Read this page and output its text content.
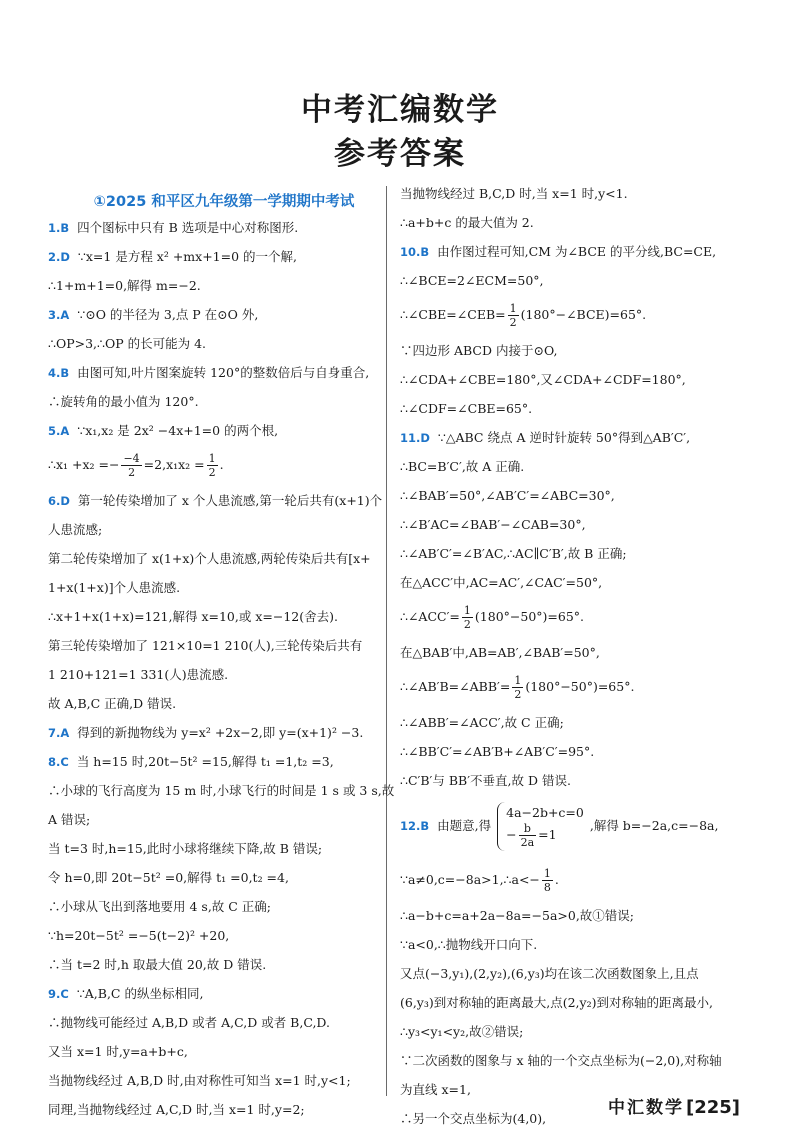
中考汇编数学
参考答案
①2025 和平区九年级第一学期期中考试
1.B 四个图标中只有 B 选项是中心对称图形.
2.D ∵x=1 是方程 x² +mx+1=0 的一个解,
∴1+m+1=0,解得 m=−2.
3.A ∵⊙O 的半径为 3,点 P 在⊙O 外,
∴OP>3,∴OP 的长可能为 4.
4.B 由图可知,叶片图案旋转 120°的整数倍后与自身重合,
∴旋转角的最小值为 120°.
5.A ∵x₁,x₂ 是 2x² −4x+1=0 的两个根,
∴x₁ $+x_2 =- \frac{-4}{2} =2,x_1x_2 = \frac{1}{2}$ .
6.D 第一轮传染增加了 x 个人患流感,第一轮后共有(x+1)个
人患流感;
第二轮传染增加了 x(1+x)个人患流感,两轮传染后共有[x+
1+x(1+x)]个人患流感.
∴x+1+x(1+x)=121,解得 x=10,或 x=−12(舍去).
第三轮传染增加了 121×10=1 210(人),三轮传染后共有
1 210+121=1 331(人)患流感.
故 A,B,C 正确,D 错误.
7.A 得到的新抛物线为 y=x² +2x−2,即 y=(x+1)² −3.
8.C 当 h=15 时,20t−5t² =15,解得 t₁ =1,t₂ =3,
∴小球的飞行高度为 15 m 时,小球飞行的时间是 1 s 或 3 s,故
A 错误;
当 t=3 时,h=15,此时小球将继续下降,故 B 错误;
令 h=0,即 20t−5t² =0,解得 t₁ =0,t₂ =4,
∴小球从飞出到落地要用 4 s,故 C 正确;
∵h=20t−5t² =−5(t−2)² +20,
∴当 t=2 时,h 取最大值 20,故 D 错误.
9.C ∵A,B,C 的纵坐标相同,
∴抛物线可能经过 A,B,D 或者 A,C,D 或者 B,C,D.
又当 x=1 时,y=a+b+c,
当抛物线经过 A,B,D 时,由对称性可知当 x=1 时,y<1;
同理,当抛物线经过 A,C,D 时,当 x=1 时,y=2;
当抛物线经过 B,C,D 时,当 x=1 时,y<1.
∴a+b+c 的最大值为 2.
10.B 由作图过程可知,CM 为∠BCE 的平分线,BC=CE,
∴∠BCE=2∠ECM=50°,
∴∠CBE=∠CEB= $\frac{1}{2}$ (180°−∠BCE)=65°.
∵四边形 ABCD 内接于⊙O,
∴∠CDA+∠CBE=180°,又∠CDA+∠CDF=180°,
∴∠CDF=∠CBE=65°.
11.D ∵△ABC 绕点 A 逆时针旋转 50°得到△AB′C′,
∴BC=B′C′,故 A 正确.
∴∠BAB′=50°,∠AB′C′=∠ABC=30°,
∴∠B′AC=∠BAB′−∠CAB=30°,
∴∠AB′C′=∠B′AC,∴AC∥C′B′,故 B 正确;
在△ACC′中,AC=AC′,∠CAC′=50°,
∴∠ACC′= $\frac{1}{2} (180^\circ-50^\circ)=65^\circ$.
在△BAB′中,AB=AB′,∠BAB′=50°,
∴∠AB′B=∠ABB′= $\frac{1}{2} (180^\circ-50^\circ)=65^\circ$.
∴∠ABB′=∠ACC′,故 C 正确;
∴∠BB′C′=∠AB′B+∠AB′C′=95°.
∴C′B′与 BB′不垂直,故 D 错误.
12.B 由题意,得
4a−2b+c=0
− $\frac{b}{2a} =1$
,解得 b=−2a,c=−8a,
∵a≠0,c=−8a>1,∴a<− $\frac{1}{8}$ .
∴a−b+c=a+2a−8a=−5a>0,故①错误;
∵a<0,∴抛物线开口向下.
又点(−3,y₁),(2,y₂),(6,y₃)均在该二次函数图象上,且点
(6,y₃)到对称轴的距离最大,点(2,y₂)到对称轴的距离最小,
∴y₃<y₁<y₂,故②错误;
∵二次函数的图象与 x 轴的一个交点坐标为(−2,0),对称轴
为直线 x=1,
∴另一个交点坐标为(4,0),
中汇数学 [225]
